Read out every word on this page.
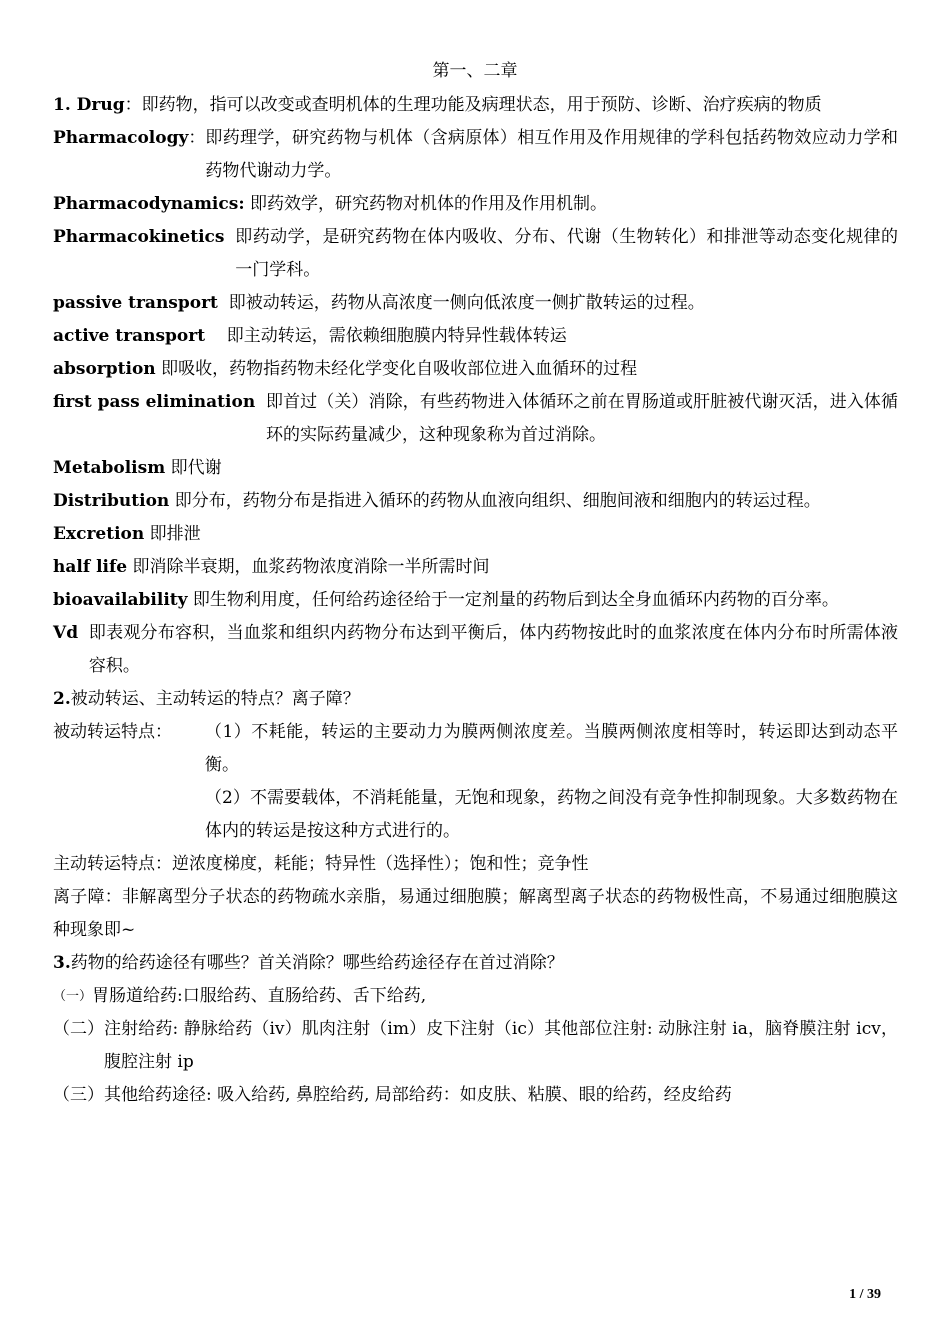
第一、二章
1. Drug ： 即药物，指可以改变或查明机体的生理功能及病理状态，用于预防、诊断、治疗疾病的物质
Pharmacology ： 即药理学，研究药物与机体（含病原体）相互作用及作用规律的学科包括药物效应动力学和药物代谢动力学。
Pharmacodynamics:
即药效学，研究药物对机体的作用及作用机制。
Pharmacokinetics
即药动学，是研究药物在体内吸收、分布、代谢（生物转化）和排泄等动态变化规律的一门学科。
passive transport
即被动转运，药物从高浓度一侧向低浓度一侧扩散转运的过程。
active transport
即主动转运，需依赖细胞膜内特异性载体转运
absorption
即吸收，药物指药物未经化学变化自吸收部位进入血循环的过程
first pass elimination
即首过（关）消除，有些药物进入体循环之前在胃肠道或肝脏被代谢灭活，进入体循环的实际药量减少，这种现象称为首过消除。
Metabolism
即代谢
Distribution
即分布，药物分布是指进入循环的药物从血液向组织、细胞间液和细胞内的转运过程。
Excretion
即排泄
half life
即消除半衰期，血浆药物浓度消除一半所需时间
bioavailability
即生物利用度，任何给药途径给于一定剂量的药物后到达全身血循环内药物的百分率。
Vd
即表观分布容积，当血浆和组织内药物分布达到平衡后，体内药物按此时的血浆浓度在体内分布时所需体液容积。
2.被动转运、主动转运的特点？离子障？
被动转运特点：	（1）不耗能，转运的主要动力为膜两侧浓度差。当膜两侧浓度相等时，转运即达到动态平衡。
（2）不需要载体，不消耗能量，无饱和现象，药物之间没有竞争性抑制现象。大多数药物在体内的转运是按这种方式进行的。
主动转运特点：逆浓度梯度，耗能；特异性（选择性）；饱和性；竞争性
离子障：非解离型分子状态的药物疏水亲脂，易通过细胞膜；解离型离子状态的药物极性高，不易通过细胞膜这种现象即~
3.药物的给药途径有哪些？首关消除？哪些给药途径存在首过消除？
（一） 胃肠道给药:口服给药、直肠给药、舌下给药,
（二） 注射给药: 静脉给药（iv）肌肉注射（im）皮下注射（ic）其他部位注射: 动脉注射 ia，脑脊膜注射 icv，腹腔注射 ip
（三） 其他给药途径: 吸入给药, 鼻腔给药, 局部给药：如皮肤、粘膜、眼的给药，经皮给药
1 / 39
